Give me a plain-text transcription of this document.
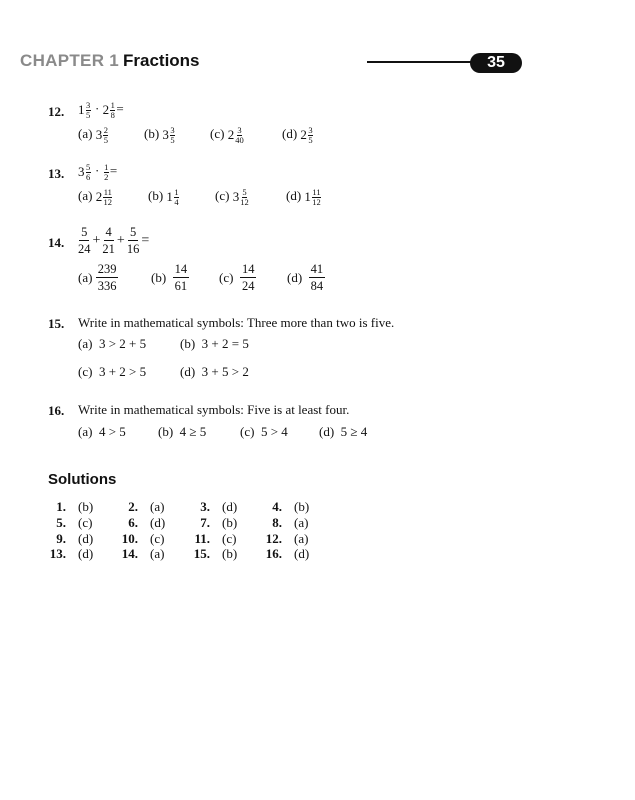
CHAPTER 1 Fractions	35
12. 1 3
5 · 2 1
8 =
(a) 3 2
5	(b) 3 3
5	(c) 2 3
40	(d) 2 3
5
13. 3 5
6 · 1
2 =
(a) 2 11
12	(b) 1 1
4	(c) 3 5
12	(d) 1 11
12
14. $\frac{5}{24} + \frac{4}{21} + \frac{5}{16}$ =
(a)
$\frac{239}{336}$	(b)
$\frac{14}{61} (c)$
$\frac{14}{24} (d)$
$\frac{41}{84}$
15. Write in mathematical symbols: Three more than two is five.
(a) 3 > 2 + 5	(b) 3 + 2 = 5
(c) 3 + 2 > 5	(d) 3 + 5 > 2
16. Write in mathematical symbols: Five is at least four.
(a) 4 > 5 (b) 4 ≥ 5	(c) 5 > 4 (d) 5 ≥ 4
Solutions
1. (b)	2. (a)	3. (d)	4. (b)
5. (c)	6. (d)	7. (b)	8. (a)
9. (d)	10. (c)	11. (c)	12. (a)
13. (d)	14. (a)	15. (b)	16. (d)
